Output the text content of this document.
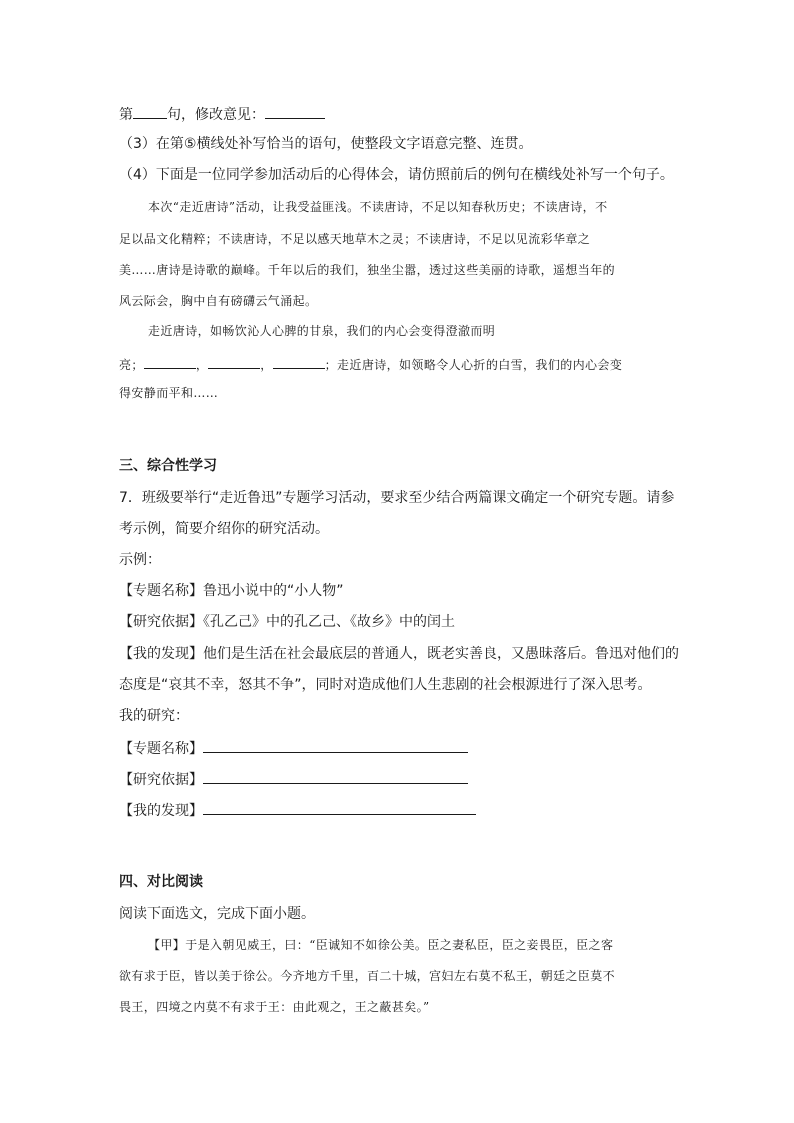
第 句，修改意见：
（3）在第⑤横线处补写恰当的语句，使整段文字语意完整、连贯。
（4）下面是一位同学参加活动后的心得体会，请仿照前后的例句在横线处补写一个句子。
本次“走近唐诗”活动，让我受益匪浅。不读唐诗，不足以知春秋历史；不读唐诗，不
足以品文化精粹；不读唐诗，不足以感天地草木之灵；不读唐诗，不足以见流彩华章之
美……唐诗是诗歌的巅峰。千年以后的我们，独坐尘嚣，透过这些美丽的诗歌，遥想当年的
风云际会，胸中自有磅礴云气涌起。
走近唐诗，如畅饮沁人心脾的甘泉，我们的内心会变得澄澈而明
亮；	，	，	；走近唐诗，如领略令人心折的白雪，我们的内心会变
得安静而平和……
三、综合性学习
7．班级要举行“走近鲁迅”专题学习活动，要求至少结合两篇课文确定一个研究专题。请参
考示例，简要介绍你的研究活动。
示例：
【专题名称】鲁迅小说中的“小人物”
【研究依据】《孔乙己》中的孔乙己、《故乡》中的闰土
【我的发现】他们是生活在社会最底层的普通人，既老实善良，又愚昧落后。鲁迅对他们的
态度是“哀其不幸，怒其不争”，同时对造成他们人生悲剧的社会根源进行了深入思考。
我的研究：
【专题名称】
【研究依据】
【我的发现】
四、对比阅读
阅读下面选文，完成下面小题。
【甲】于是入朝见威王，曰：“臣诚知不如徐公美。臣之妻私臣，臣之妾畏臣，臣之客
欲有求于臣，皆以美于徐公。今齐地方千里，百二十城，宫妇左右莫不私王，朝廷之臣莫不
畏王，四境之内莫不有求于王：由此观之，王之蔽甚矣。”
